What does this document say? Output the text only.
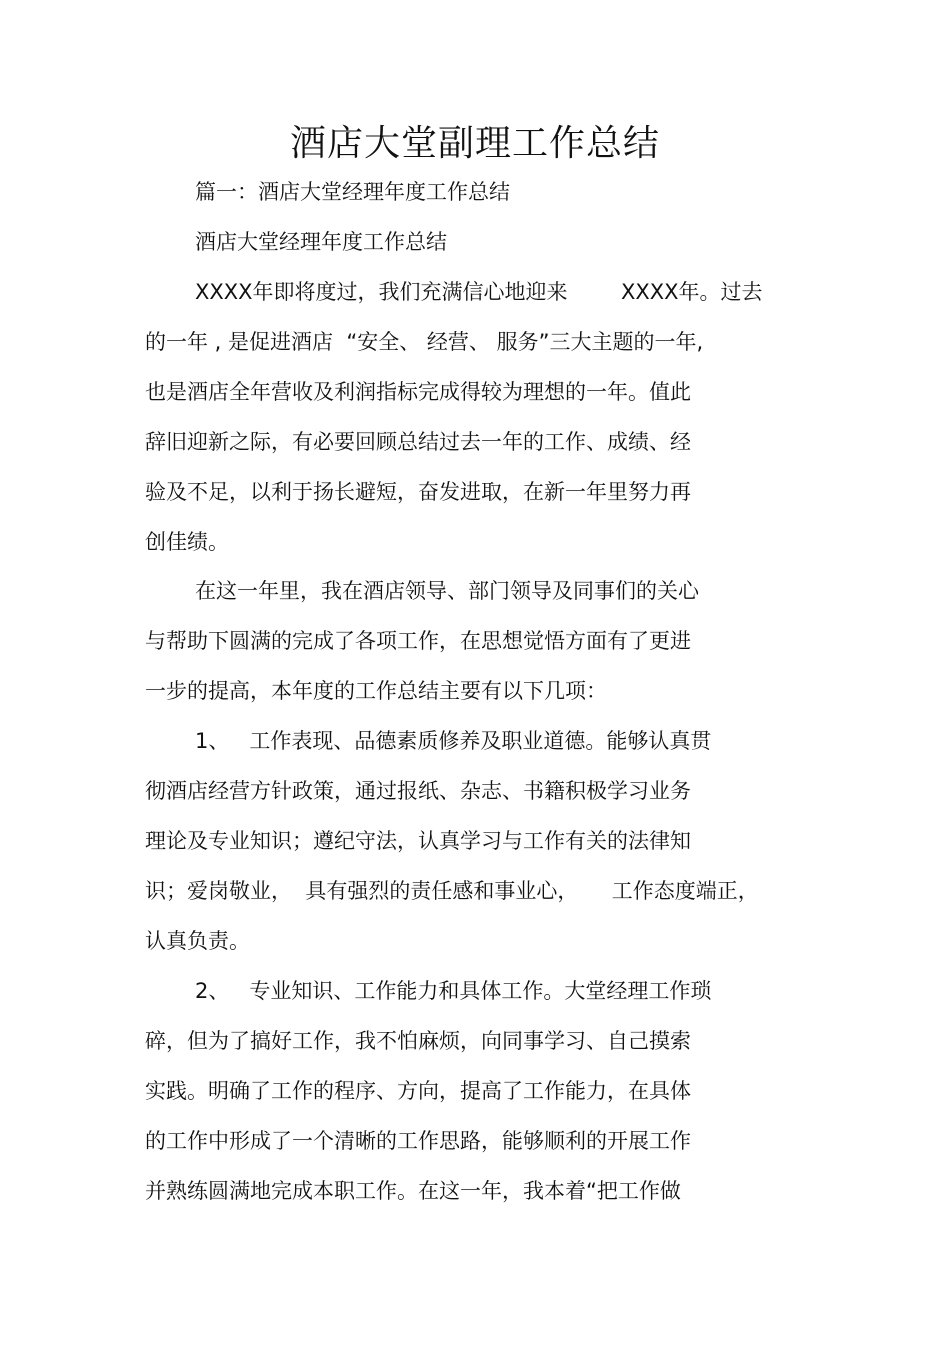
酒店大堂副理工作总结
篇一：酒店大堂经理年度工作总结
酒店大堂经理年度工作总结
XXXX年即将度过，我们充满信心地迎来        XXXX年。过去
的一年 , 是促进酒店  “安全、 经营、 服务”三大主题的一年,
也是酒店全年营收及利润指标完成得较为理想的一年。值此
辞旧迎新之际，有必要回顾总结过去一年的工作、成绩、经
验及不足，以利于扬长避短，奋发进取，在新一年里努力再
创佳绩。
在这一年里，我在酒店领导、部门领导及同事们的关心
与帮助下圆满的完成了各项工作，在思想觉悟方面有了更进
一步的提高，本年度的工作总结主要有以下几项：
1、   工作表现、品德素质修养及职业道德。能够认真贯
彻酒店经营方针政策，通过报纸、杂志、书籍积极学习业务
理论及专业知识；遵纪守法，认真学习与工作有关的法律知
识；爱岗敬业，  具有强烈的责任感和事业心，     工作态度端正，
认真负责。
2、   专业知识、工作能力和具体工作。大堂经理工作琐
碎，但为了搞好工作，我不怕麻烦，向同事学习、自己摸索
实践。明确了工作的程序、方向，提高了工作能力，在具体
的工作中形成了一个清晰的工作思路，能够顺利的开展工作
并熟练圆满地完成本职工作。在这一年，我本着“把工作做
